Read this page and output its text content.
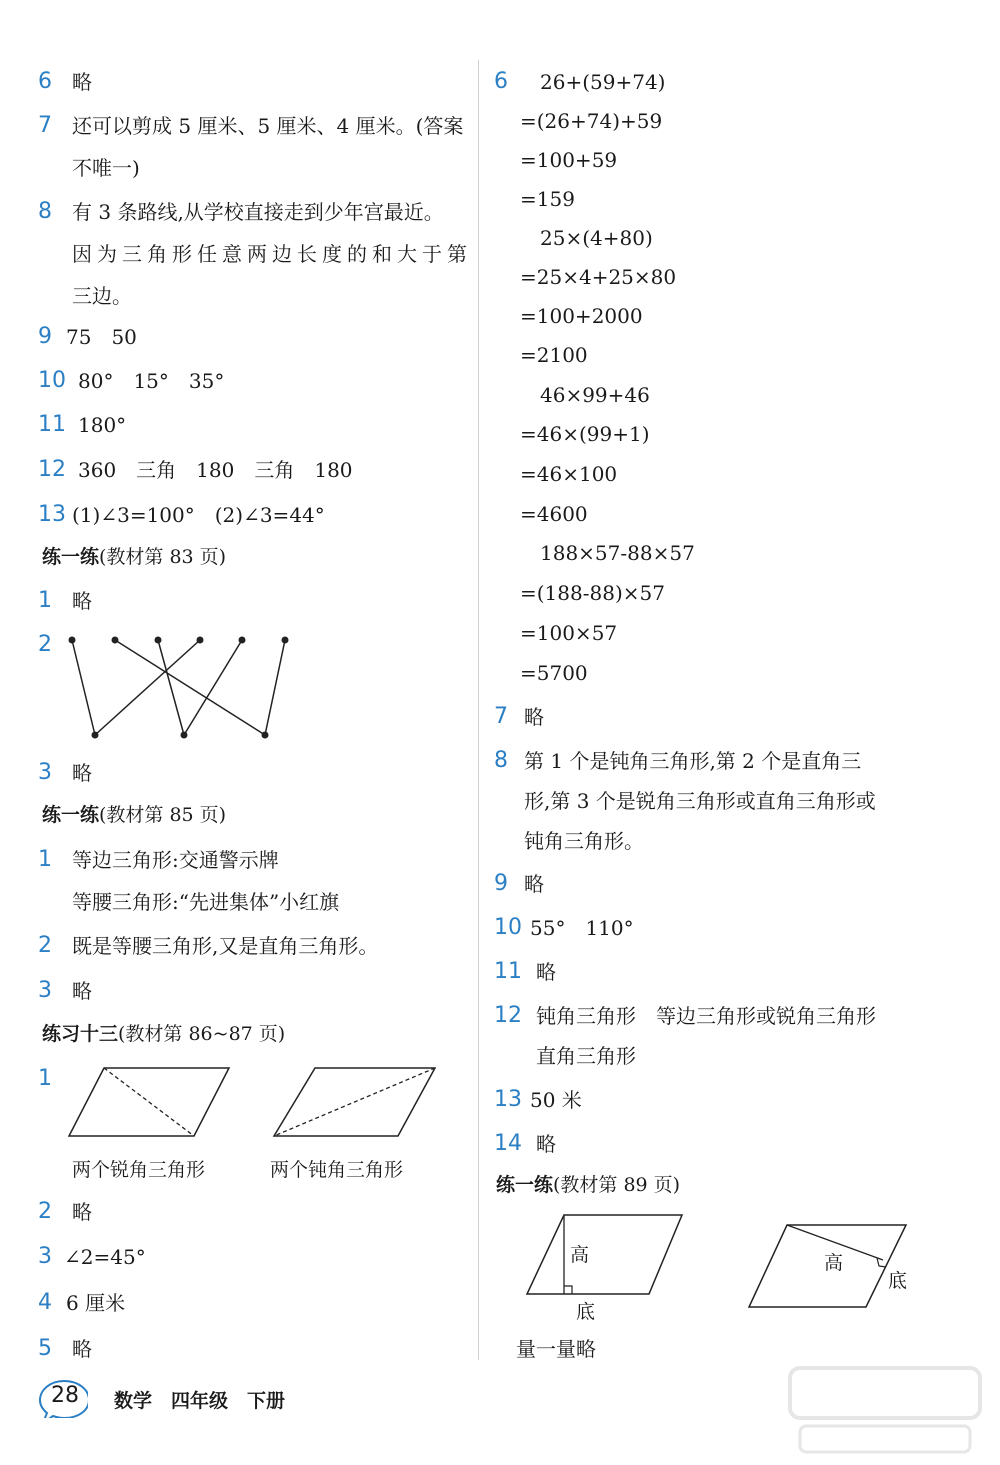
6 略
7 还可以剪成 5 厘米、5 厘米、4 厘米。(答案
不唯一)
8 有 3 条路线,从学校直接走到少年宫最近。
因为三角形任意两边长度的和大于第
三边。
9 75　50
10 80°　15°　35°
11 180°
12 360　三角　180　三角　180
13 (1)∠3=100°　(2)∠3=44°
练一练(教材第 83 页)
1 略
2
3 略
练一练(教材第 85 页)
1 等边三角形:交通警示牌
等腰三角形:“先进集体”小红旗
2 既是等腰三角形,又是直角三角形。
3 略
练习十三(教材第 86~87 页)
1
两个锐角三角形	两个钝角三角形
2 略
3 ∠2=45°
4 6 厘米
5 略
6 26+(59+74)
=(26+74)+59
=100+59
=159
25×(4+80)
=25×4+25×80
=100+2000
=2100
46×99+46
=46×(99+1)
=46×100
=4600
188×57-88×57
=(188-88)×57
=100×57
=5700
7 略
8 第 1 个是钝角三角形,第 2 个是直角三
形,第 3 个是锐角三角形或直角三角形或
钝角三角形。
9 略
10 55°　110°
11 略
12 钝角三角形　等边三角形或锐角三角形
直角三角形
13 50 米
14 略
练一练(教材第 89 页)
高
底
高
底
量一量略
28	数学　四年级　下册
